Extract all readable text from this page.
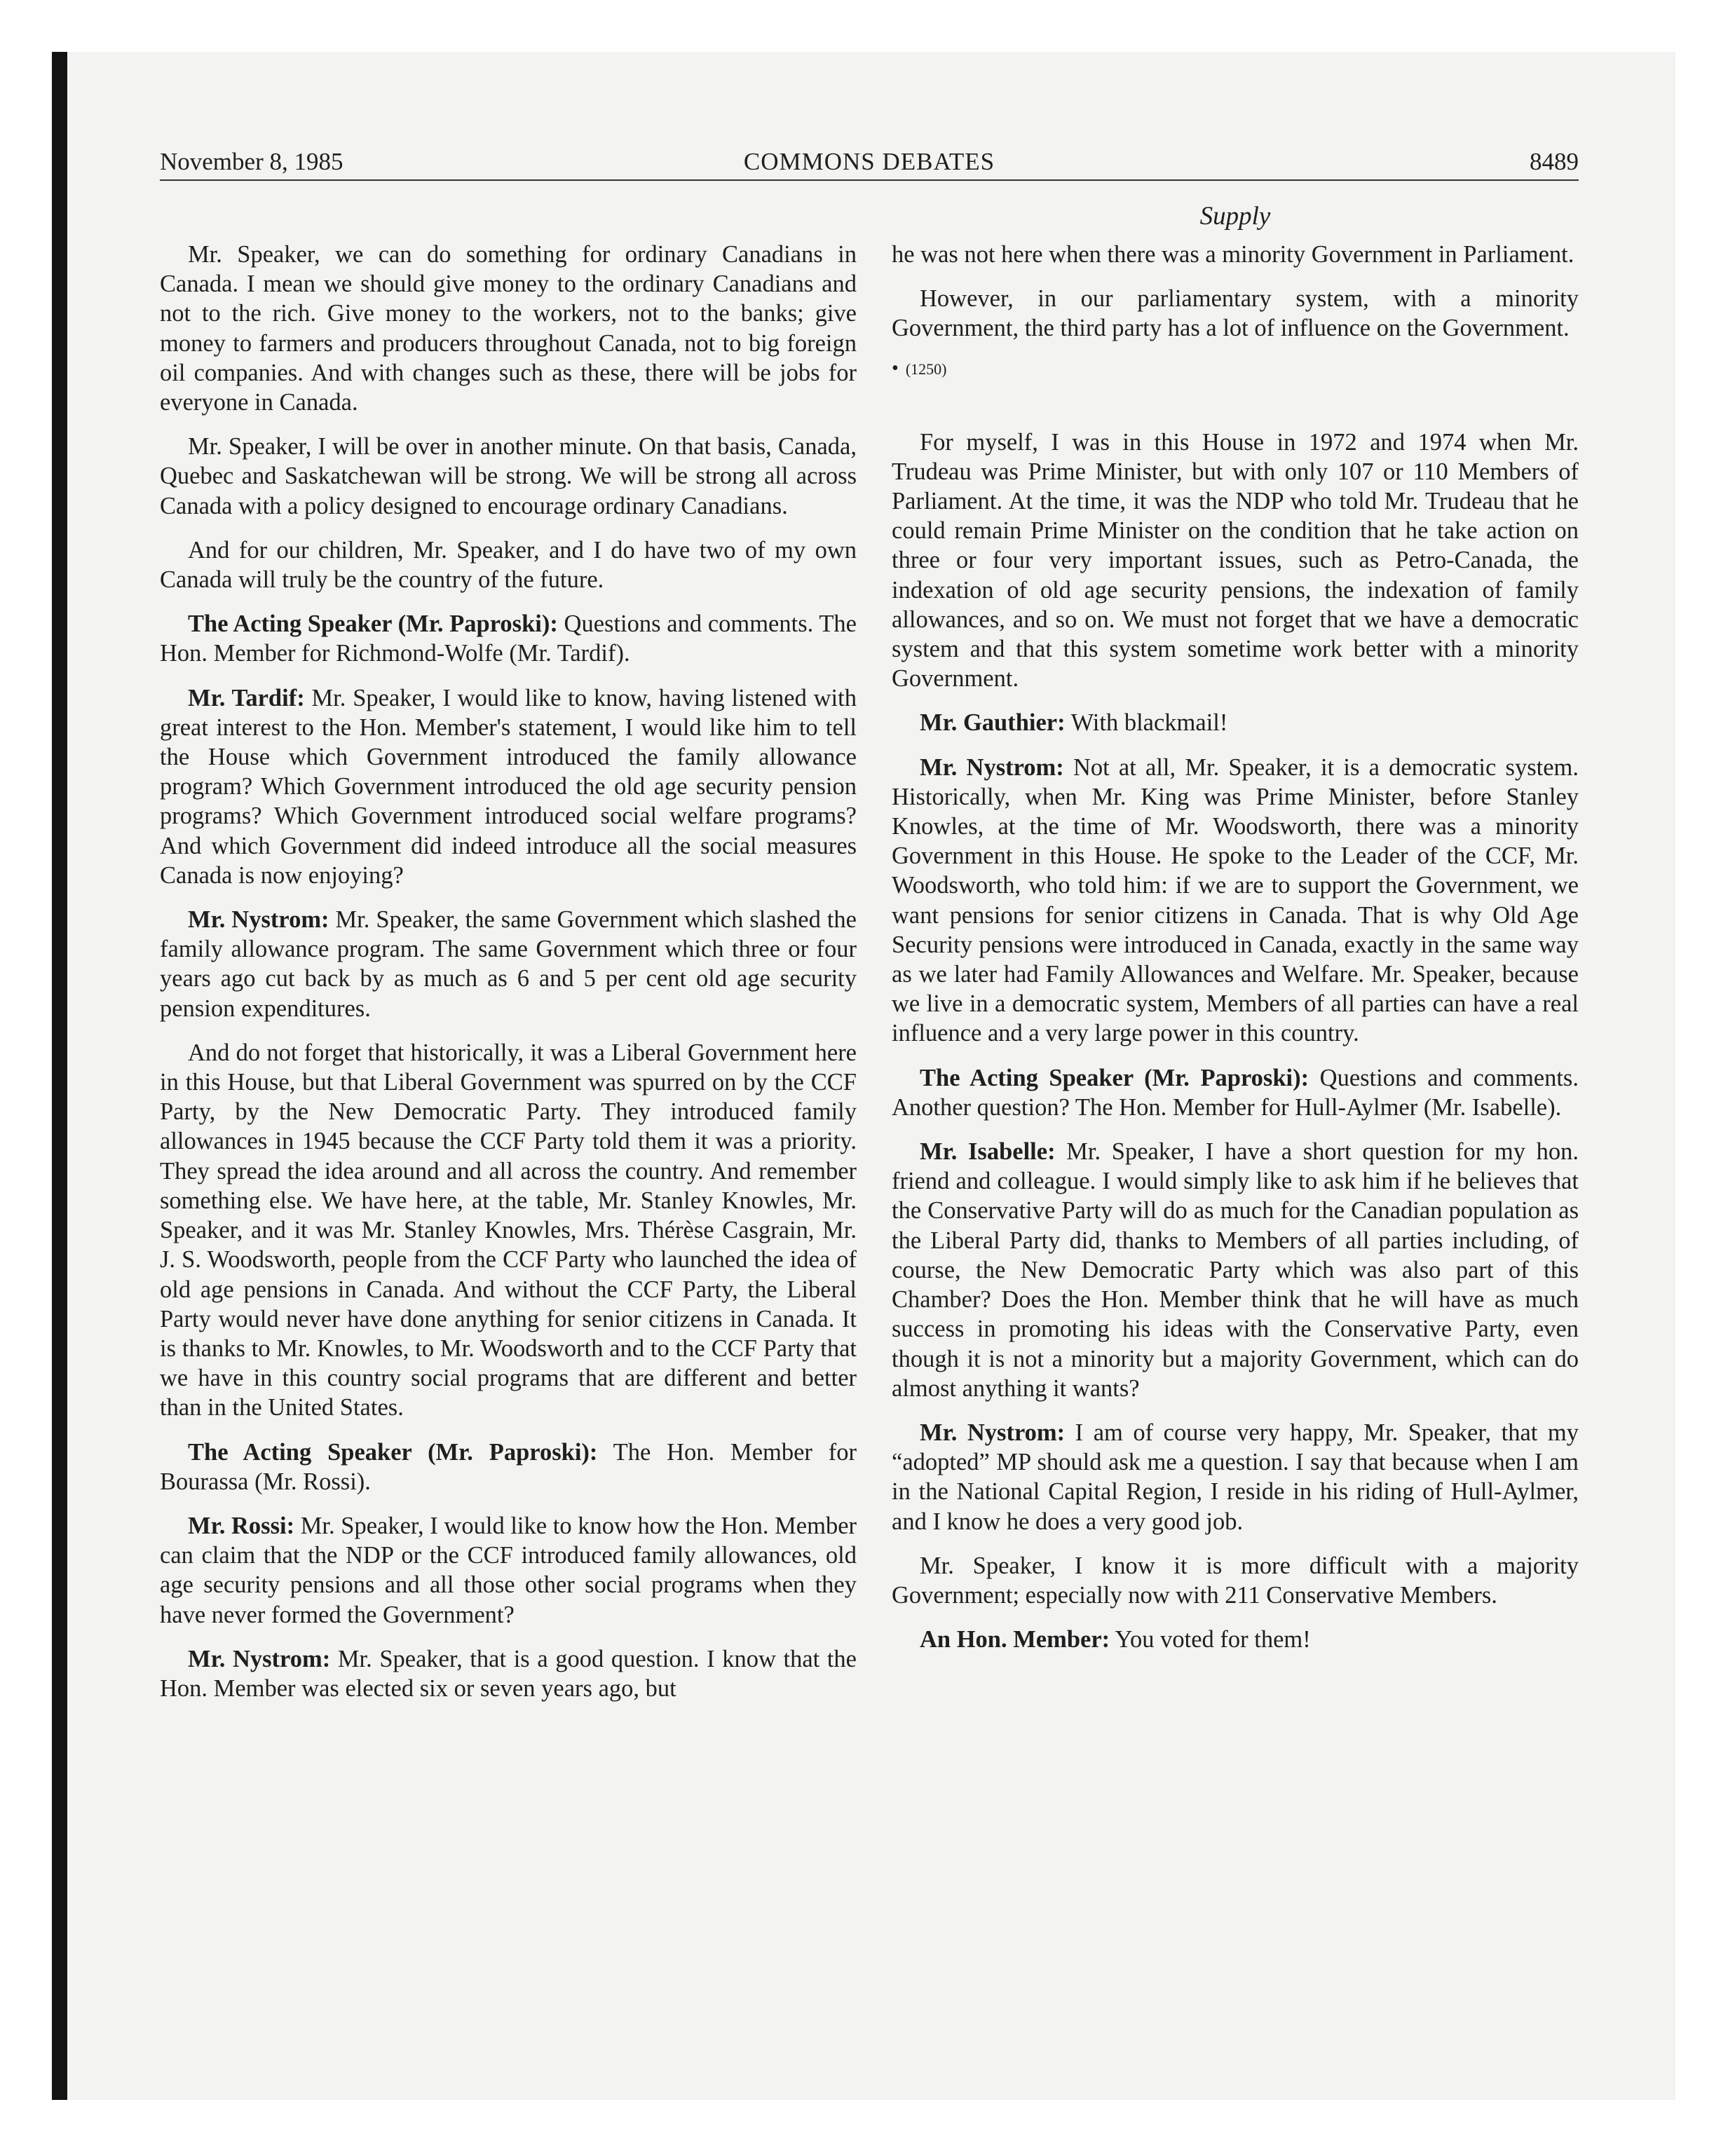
November 8, 1985	COMMONS DEBATES	8489
Supply

Mr. Speaker, we can do something for ordinary Canadians in Canada. I mean we should give money to the ordinary Canadians and not to the rich. Give money to the workers, not to the banks; give money to farmers and producers throughout Canada, not to big foreign oil companies. And with changes such as these, there will be jobs for everyone in Canada.

Mr. Speaker, I will be over in another minute. On that basis, Canada, Quebec and Saskatchewan will be strong. We will be strong all across Canada with a policy designed to encourage ordinary Canadians.

And for our children, Mr. Speaker, and I do have two of my own Canada will truly be the country of the future.

The Acting Speaker (Mr. Paproski): Questions and comments. The Hon. Member for Richmond-Wolfe (Mr. Tardif).

Mr. Tardif: Mr. Speaker, I would like to know, having listened with great interest to the Hon. Member's statement, I would like him to tell the House which Government introduced the family allowance program? Which Government introduced the old age security pension programs? Which Government introduced social welfare programs? And which Government did indeed introduce all the social measures Canada is now enjoying?

Mr. Nystrom: Mr. Speaker, the same Government which slashed the family allowance program. The same Government which three or four years ago cut back by as much as 6 and 5 per cent old age security pension expenditures.

And do not forget that historically, it was a Liberal Government here in this House, but that Liberal Government was spurred on by the CCF Party, by the New Democratic Party. They introduced family allowances in 1945 because the CCF Party told them it was a priority. They spread the idea around and all across the country. And remember something else. We have here, at the table, Mr. Stanley Knowles, Mr. Speaker, and it was Mr. Stanley Knowles, Mrs. Thérèse Casgrain, Mr. J. S. Woodsworth, people from the CCF Party who launched the idea of old age pensions in Canada. And without the CCF Party, the Liberal Party would never have done anything for senior citizens in Canada. It is thanks to Mr. Knowles, to Mr. Woodsworth and to the CCF Party that we have in this country social programs that are different and better than in the United States.

The Acting Speaker (Mr. Paproski): The Hon. Member for Bourassa (Mr. Rossi).

Mr. Rossi: Mr. Speaker, I would like to know how the Hon. Member can claim that the NDP or the CCF introduced family allowances, old age security pensions and all those other social programs when they have never formed the Government?

Mr. Nystrom: Mr. Speaker, that is a good question. I know that the Hon. Member was elected six or seven years ago, but

he was not here when there was a minority Government in Parliament.

However, in our parliamentary system, with a minority Government, the third party has a lot of influence on the Government.

• (1250)

For myself, I was in this House in 1972 and 1974 when Mr. Trudeau was Prime Minister, but with only 107 or 110 Members of Parliament. At the time, it was the NDP who told Mr. Trudeau that he could remain Prime Minister on the condition that he take action on three or four very important issues, such as Petro-Canada, the indexation of old age security pensions, the indexation of family allowances, and so on. We must not forget that we have a democratic system and that this system sometime work better with a minority Government.

Mr. Gauthier: With blackmail!

Mr. Nystrom: Not at all, Mr. Speaker, it is a democratic system. Historically, when Mr. King was Prime Minister, before Stanley Knowles, at the time of Mr. Woodsworth, there was a minority Government in this House. He spoke to the Leader of the CCF, Mr. Woodsworth, who told him: if we are to support the Government, we want pensions for senior citizens in Canada. That is why Old Age Security pensions were introduced in Canada, exactly in the same way as we later had Family Allowances and Welfare. Mr. Speaker, because we live in a democratic system, Members of all parties can have a real influence and a very large power in this country.

The Acting Speaker (Mr. Paproski): Questions and comments. Another question? The Hon. Member for Hull-Aylmer (Mr. Isabelle).

Mr. Isabelle: Mr. Speaker, I have a short question for my hon. friend and colleague. I would simply like to ask him if he believes that the Conservative Party will do as much for the Canadian population as the Liberal Party did, thanks to Members of all parties including, of course, the New Democratic Party which was also part of this Chamber? Does the Hon. Member think that he will have as much success in promoting his ideas with the Conservative Party, even though it is not a minority but a majority Government, which can do almost anything it wants?

Mr. Nystrom: I am of course very happy, Mr. Speaker, that my “adopted” MP should ask me a question. I say that because when I am in the National Capital Region, I reside in his riding of Hull-Aylmer, and I know he does a very good job.

Mr. Speaker, I know it is more difficult with a majority Government; especially now with 211 Conservative Members.

An Hon. Member: You voted for them!
